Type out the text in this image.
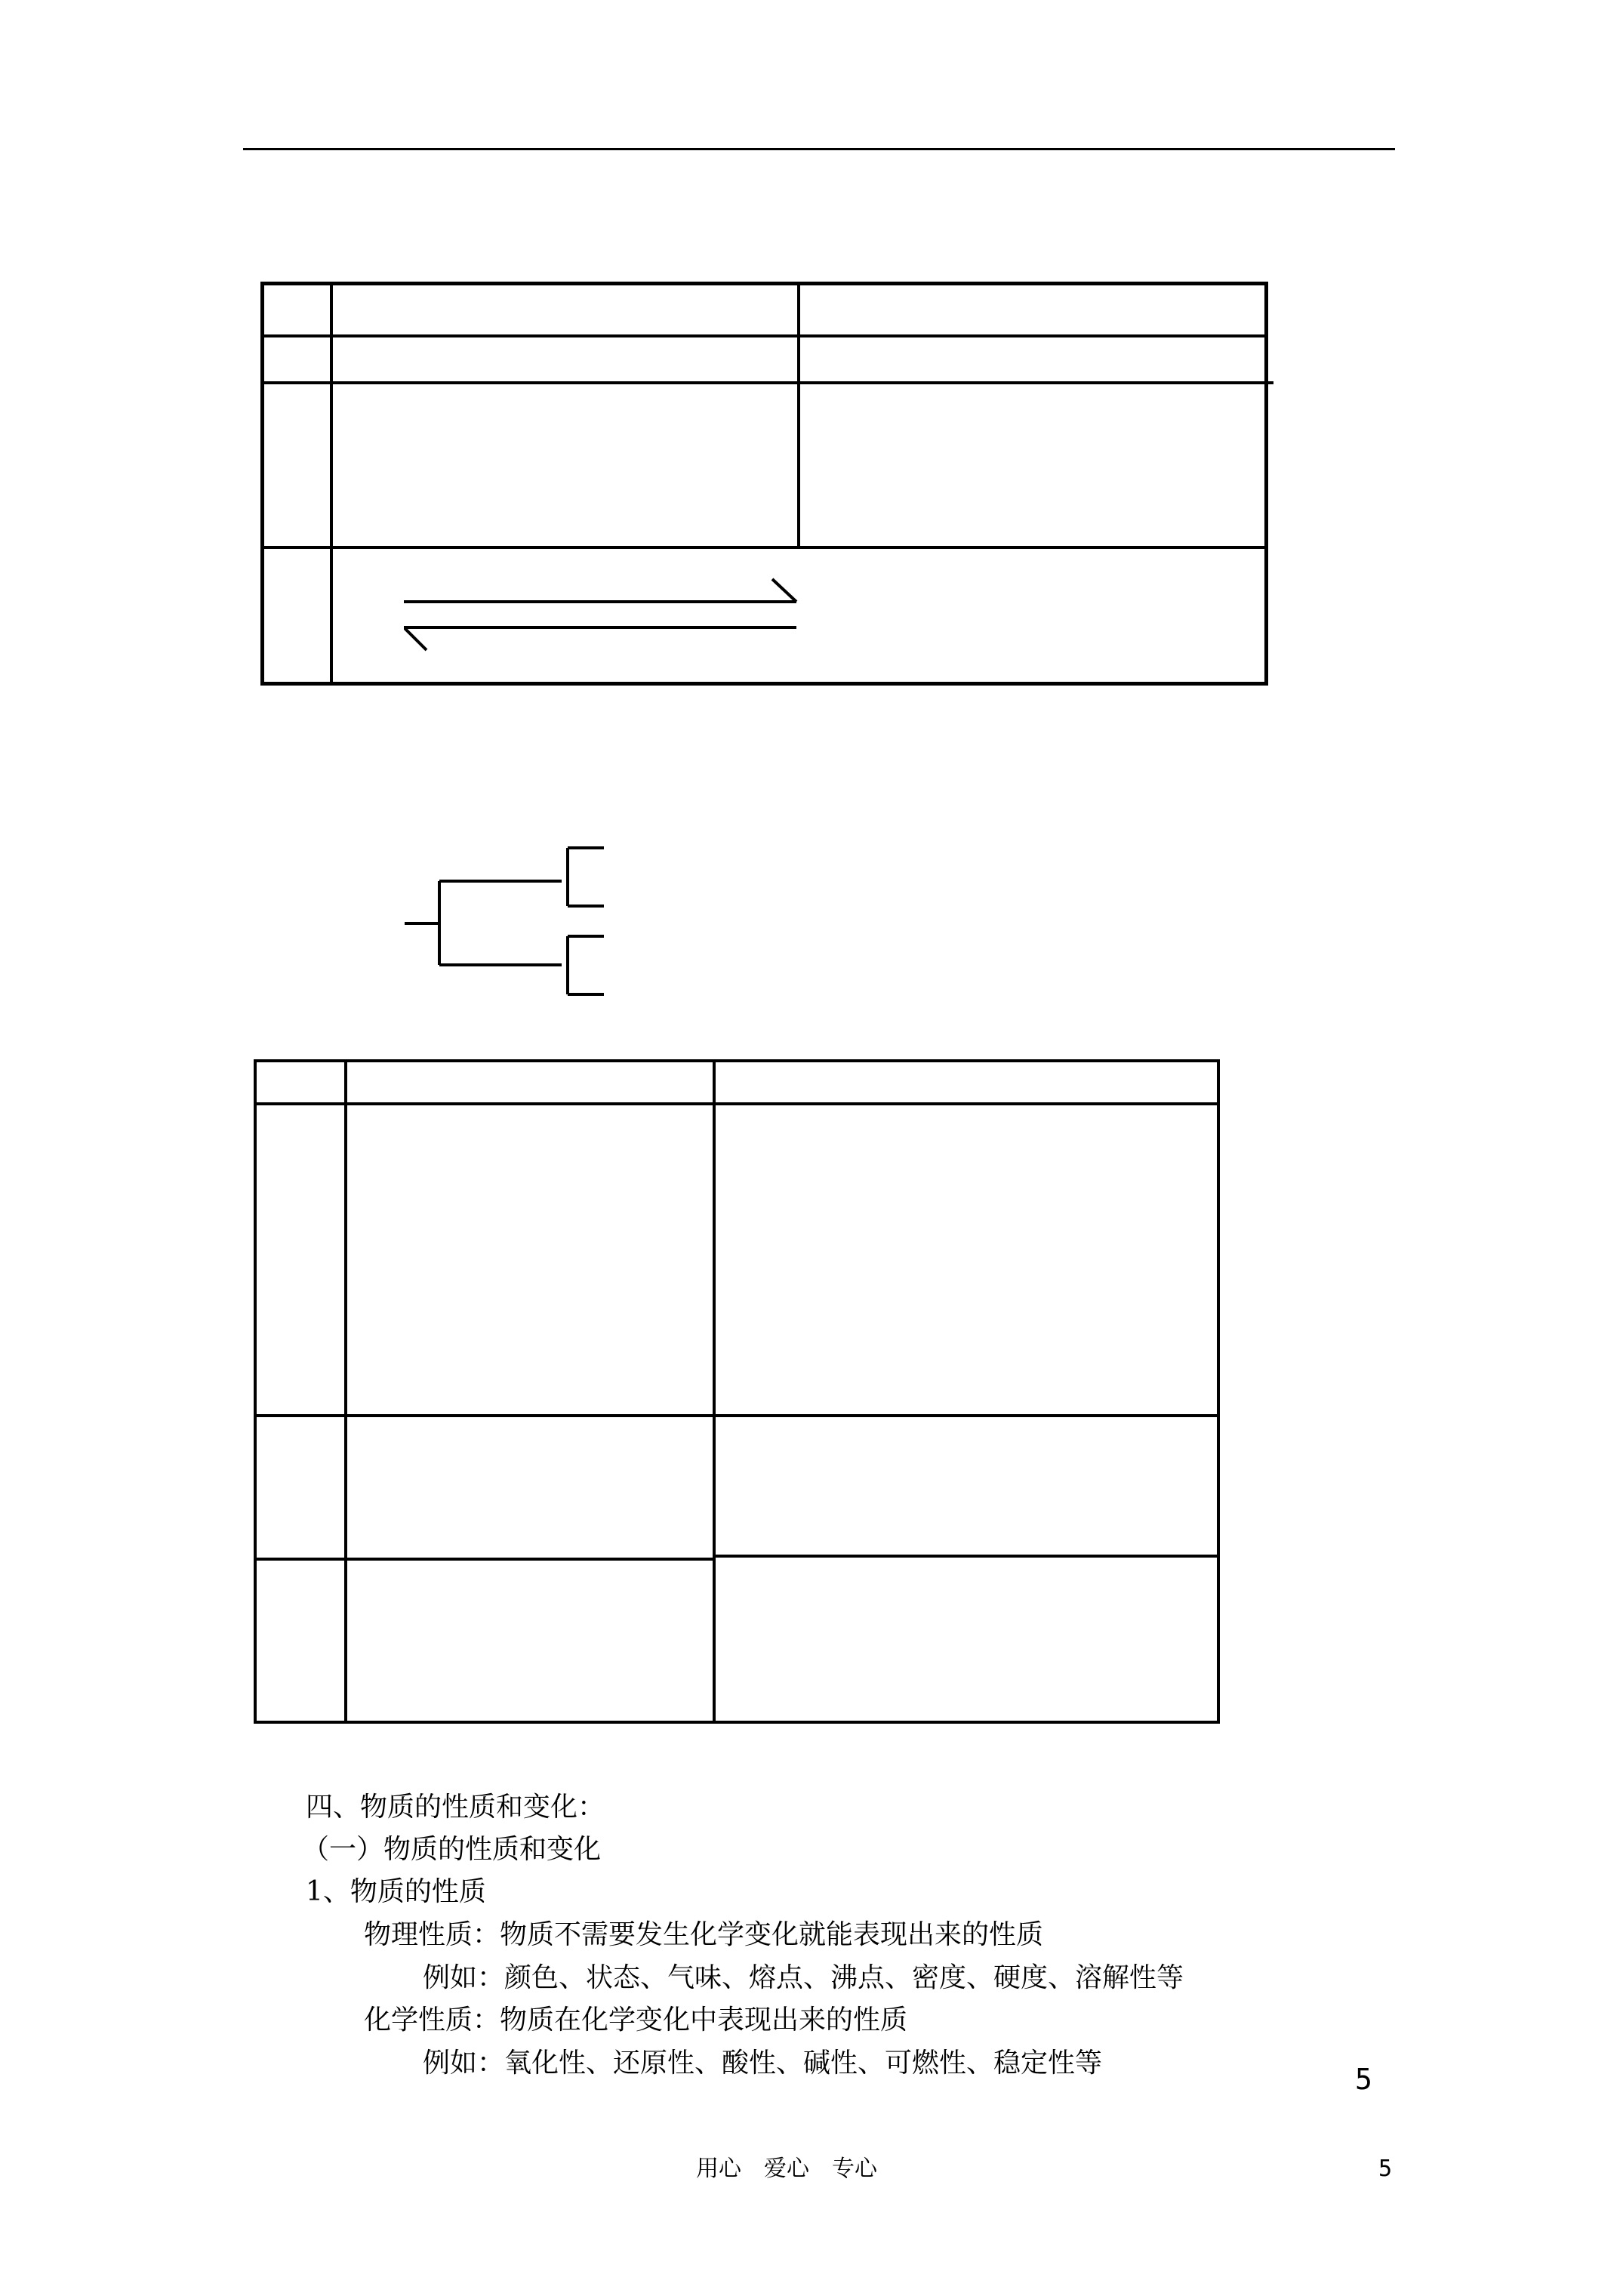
四、物质的性质和变化：
（一）物质的性质和变化
1、物质的性质
物理性质：物质不需要发生化学变化就能表现出来的性质
例如：颜色、状态、气味、熔点、沸点、密度、硬度、溶解性等
化学性质：物质在化学变化中表现出来的性质
例如：氧化性、还原性、酸性、碱性、可燃性、稳定性等	5
用心　爱心　专心	5
